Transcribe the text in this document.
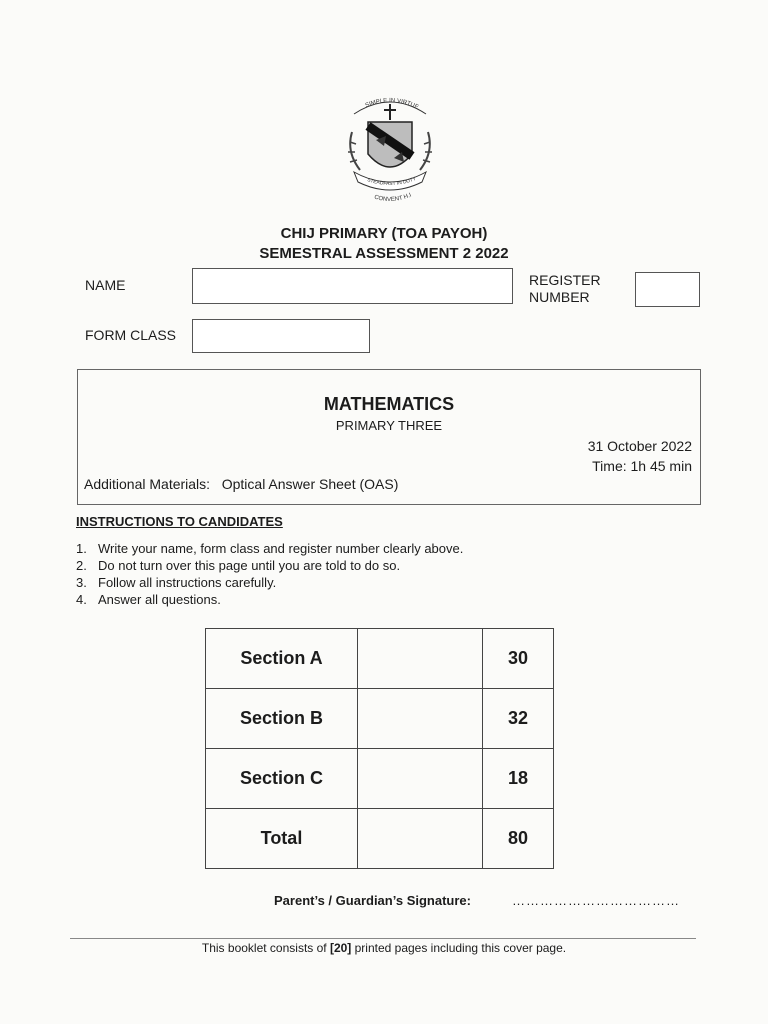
SIMPLE IN VIRTUE
STEADFAST IN DUTY
CONVENT H.I
CHIJ PRIMARY (TOA PAYOH)
SEMESTRAL ASSESSMENT 2 2022
NAME	REGISTER
NUMBER
FORM CLASS
MATHEMATICS
PRIMARY THREE
31 October 2022
Time: 1h 45 min
Additional Materials:   Optical Answer Sheet (OAS)
INSTRUCTIONS TO CANDIDATES
1. Write your name, form class and register number clearly above.
2. Do not turn over this page until you are told to do so.
3. Follow all instructions carefully.
4. Answer all questions.
Section A		30
Section B		32
Section C		18
Total		80
Parent’s / Guardian’s Signature:	………………………………
This booklet consists of [20] printed pages including this cover page.
